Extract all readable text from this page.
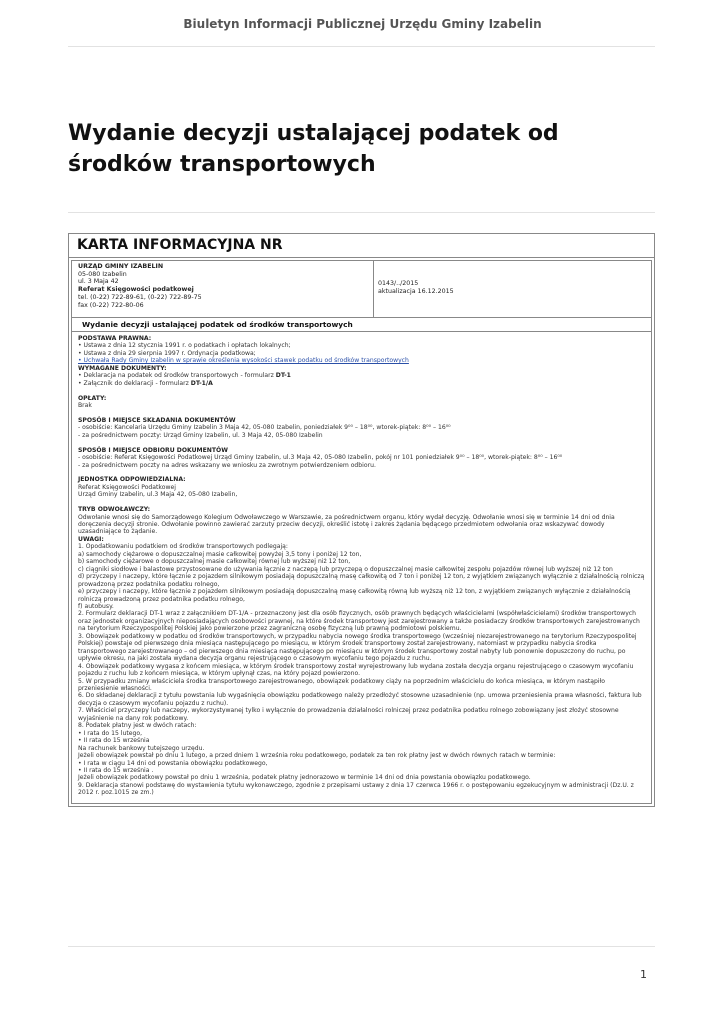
Biuletyn Informacji Publicznej Urzędu Gminy Izabelin
Wydanie decyzji ustalającej podatek od środków transportowych
KARTA INFORMACYJNA NR
URZĄD GMINY IZABELIN
05-080 Izabelin
ul. 3 Maja 42
Referat Księgowości podatkowej
tel. (0-22) 722-89-61, (0-22) 722-89-75
fax (0-22) 722-80-06
0143/../2015
aktualizacja 16.12.2015
Wydanie decyzji ustalającej podatek od środków transportowych
PODSTAWA PRAWNA:
• Ustawa z dnia 12 stycznia 1991 r. o podatkach i opłatach lokalnych;
• Ustawa z dnia 29 sierpnia 1997 r. Ordynacja podatkowa;
• Uchwała Rady Gminy Izabelin w sprawie określenia wysokości stawek podatku od środków transportowych
WYMAGANE DOKUMENTY:
• Deklaracja na podatek od środków transportowych - formularz DT-1
• Załącznik do deklaracji - formularz DT-1/A
OPŁATY:
Brak
SPOSÓB I MIEJSCE SKŁADANIA DOKUMENTÓW
- osobiście: Kancelaria Urzędu Gminy Izabelin 3 Maja 42, 05-080 Izabelin, poniedziałek 9⁰⁰ – 18⁰⁰, wtorek-piątek: 8⁰⁰ – 16⁰⁰
- za pośrednictwem poczty: Urząd Gminy Izabelin, ul. 3 Maja 42, 05-080 Izabelin
SPOSÓB I MIEJSCE ODBIORU DOKUMENTÓW
- osobiście: Referat Księgowości Podatkowej Urząd Gminy Izabelin, ul.3 Maja 42, 05-080 Izabelin, pokój nr 101 poniedziałek 9⁰⁰ – 18⁰⁰, wtorek-piątek: 8⁰⁰ – 16⁰⁰
- za pośrednictwem poczty na adres wskazany we wniosku za zwrotnym potwierdzeniem odbioru.
JEDNOSTKA ODPOWIEDZIALNA:
Referat Księgowości Podatkowej
Urząd Gminy Izabelin, ul.3 Maja 42, 05-080 Izabelin,
TRYB ODWOŁAWCZY:
Odwołanie wnosi się do Samorządowego Kolegium Odwoławczego w Warszawie, za pośrednictwem organu, który wydał decyzję. Odwołanie wnosi się w terminie 14 dni od dnia doręczenia decyzji stronie. Odwołanie powinno zawierać zarzuty przeciw decyzji, określić istotę i zakres żądania będącego przedmiotem odwołania oraz wskazywać dowody uzasadniające to żądanie.
UWAGI:
1. Opodatkowaniu podatkiem od środków transportowych podlegają:
a) samochody ciężarowe o dopuszczalnej masie całkowitej powyżej 3,5 tony i poniżej 12 ton,
b) samochody ciężarowe o dopuszczalnej masie całkowitej równej lub wyższej niż 12 ton,
c) ciągniki siodłowe i balastowe przystosowane do używania łącznie z naczepą lub przyczepą o dopuszczalnej masie całkowitej zespołu pojazdów równej lub wyższej niż 12 ton
d) przyczepy i naczepy, które łącznie z pojazdem silnikowym posiadają dopuszczalną masę całkowitą od 7 ton i poniżej 12 ton, z wyjątkiem związanych wyłącznie z działalnością rolniczą prowadzoną przez podatnika podatku rolnego,
e) przyczepy i naczepy, które łącznie z pojazdem silnikowym posiadają dopuszczalną masę całkowitą równą lub wyższą niż 12 ton, z wyjątkiem związanych wyłącznie z działalnością rolniczą prowadzoną przez podatnika podatku rolnego,
f) autobusy.
2. Formularz deklaracji DT-1 wraz z załącznikiem DT-1/A - przeznaczony jest dla osób fizycznych, osób prawnych będących właścicielami (współwłaścicielami) środków transportowych oraz jednostek organizacyjnych nieposiadających osobowości prawnej, na które środek transportowy jest zarejestrowany a także posiadaczy środków transportowych zarejestrowanych na terytorium Rzeczypospolitej Polskiej jako powierzone przez zagraniczną osobę fizyczną lub prawną podmiotowi polskiemu.
3. Obowiązek podatkowy w podatku od środków transportowych, w przypadku nabycia nowego środka transportowego (wcześniej niezarejestrowanego na terytorium Rzeczypospolitej Polskiej) powstaje od pierwszego dnia miesiąca następującego po miesiącu, w którym środek transportowy został zarejestrowany, natomiast w przypadku nabycia środka transportowego zarejestrowanego – od pierwszego dnia miesiąca następującego po miesiącu w którym środek transportowy został nabyty lub ponownie dopuszczony do ruchu, po upływie okresu, na jaki została wydana decyzja organu rejestrującego o czasowym wycofaniu tego pojazdu z ruchu.
4. Obowiązek podatkowy wygasa z końcem miesiąca, w którym środek transportowy został wyrejestrowany lub wydana została decyzja organu rejestrującego o czasowym wycofaniu pojazdu z ruchu lub z końcem miesiąca, w którym upłynął czas, na który pojazd powierzono.
5. W przypadku zmiany właściciela środka transportowego zarejestrowanego, obowiązek podatkowy ciąży na poprzednim właścicielu do końca miesiąca, w którym nastąpiło przeniesienie własności.
6. Do składanej deklaracji z tytułu powstania lub wygaśnięcia obowiązku podatkowego należy przedłożyć stosowne uzasadnienie (np. umowa przeniesienia prawa własności, faktura lub decyzja o czasowym wycofaniu pojazdu z ruchu).
7. Właściciel przyczepy lub naczepy, wykorzystywanej tylko i wyłącznie do prowadzenia działalności rolniczej przez podatnika podatku rolnego zobowiązany jest złożyć stosowne wyjaśnienie na dany rok podatkowy.
8. Podatek płatny jest w dwóch ratach:
• I rata do 15 lutego,
• II rata do 15 września
Na rachunek bankowy tutejszego urzędu.
Jeżeli obowiązek powstał po dniu 1 lutego, a przed dniem 1 września roku podatkowego, podatek za ten rok płatny jest w dwóch równych ratach w terminie:
• I rata w ciągu 14 dni od powstania obowiązku podatkowego,
• II rata do 15 września .
Jeżeli obowiązek podatkowy powstał po dniu 1 września, podatek płatny jednorazowo w terminie 14 dni od dnia powstania obowiązku podatkowego.
9. Deklaracja stanowi podstawę do wystawienia tytułu wykonawczego, zgodnie z przepisami ustawy z dnia 17 czerwca 1966 r. o postępowaniu egzekucyjnym w administracji (Dz.U. z 2012 r. poz.1015 ze zm.)
1
